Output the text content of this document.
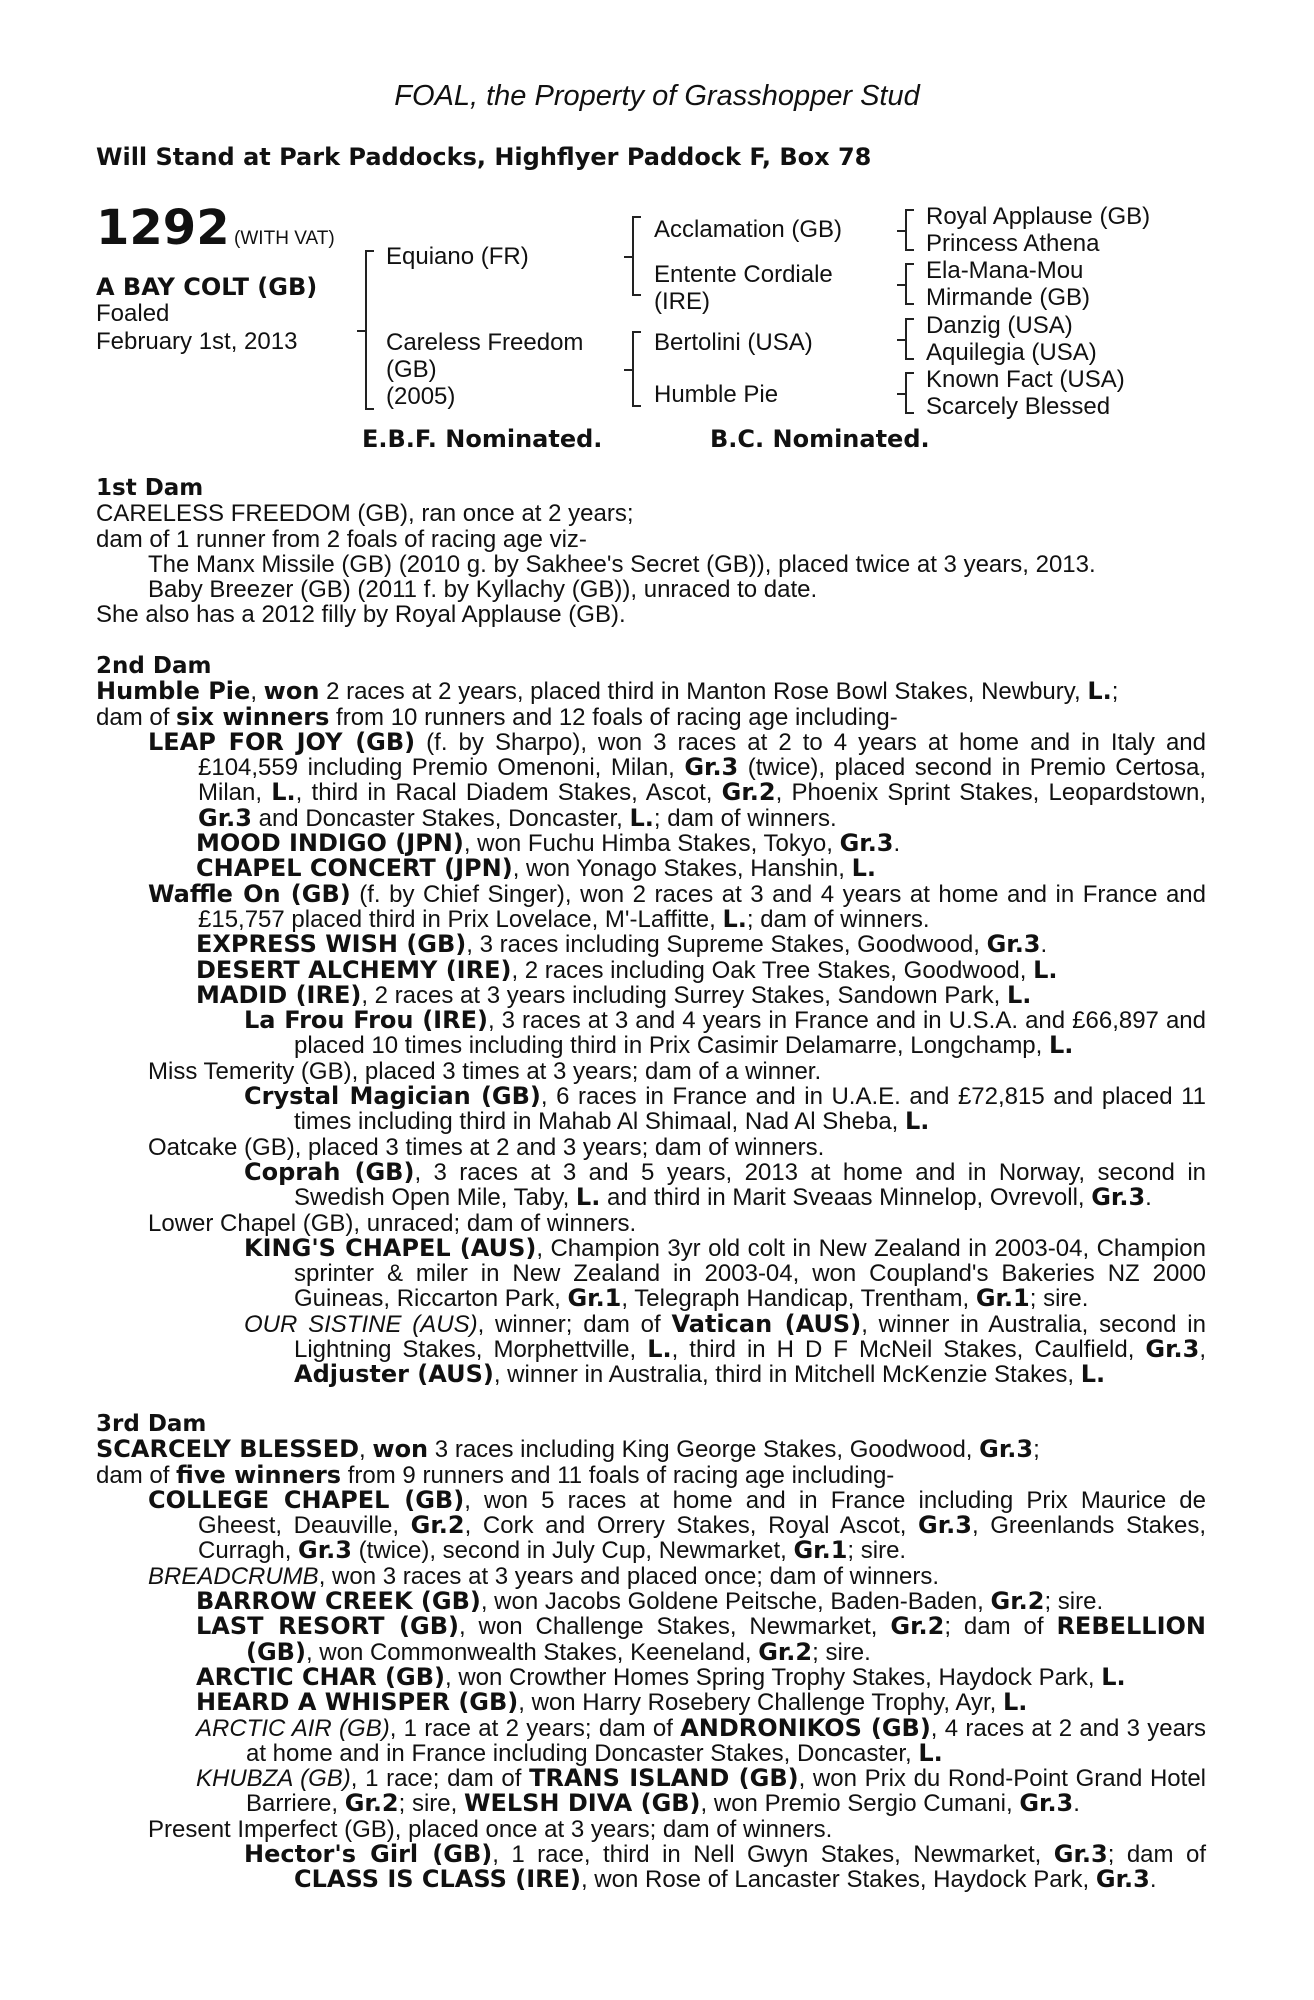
FOAL, the Property of Grasshopper Stud
Will Stand at Park Paddocks, Highflyer Paddock F, Box 78
1292 (WITH VAT)
A BAY COLT (GB)
Foaled
February 1st, 2013
Equiano (FR)
Careless Freedom
(GB)
(2005)
Acclamation (GB)
Entente Cordiale
(IRE)
Bertolini (USA)
Humble Pie
Royal Applause (GB)
Princess Athena
Ela-Mana-Mou
Mirmande (GB)
Danzig (USA)
Aquilegia (USA)
Known Fact (USA)
Scarcely Blessed
E.B.F. Nominated.	B.C. Nominated.

1st Dam

CARELESS FREEDOM (GB), ran once at 2 years;

dam of 1 runner from 2 foals of racing age viz-

The Manx Missile (GB) (2010 g. by Sakhee's Secret (GB)), placed twice at 3 years, 2013.

Baby Breezer (GB) (2011 f. by Kyllachy (GB)), unraced to date.

She also has a 2012 filly by Royal Applause (GB).

2nd Dam

Humble Pie, won 2 races at 2 years, placed third in Manton Rose Bowl Stakes, Newbury, L.;

dam of six winners from 10 runners and 12 foals of racing age including-

LEAP FOR JOY (GB) (f. by Sharpo), won 3 races at 2 to 4 years at home and in Italy and £104,559 including Premio Omenoni, Milan, Gr.3 (twice), placed second in Premio Certosa, Milan, L., third in Racal Diadem Stakes, Ascot, Gr.2, Phoenix Sprint Stakes, Leopardstown, Gr.3 and Doncaster Stakes, Doncaster, L.; dam of winners.

MOOD INDIGO (JPN), won Fuchu Himba Stakes, Tokyo, Gr.3.

CHAPEL CONCERT (JPN), won Yonago Stakes, Hanshin, L.

Waffle On (GB) (f. by Chief Singer), won 2 races at 3 and 4 years at home and in France and £15,757 placed third in Prix Lovelace, M'-Laffitte, L.; dam of winners.

EXPRESS WISH (GB), 3 races including Supreme Stakes, Goodwood, Gr.3.

DESERT ALCHEMY (IRE), 2 races including Oak Tree Stakes, Goodwood, L.

MADID (IRE), 2 races at 3 years including Surrey Stakes, Sandown Park, L.

La Frou Frou (IRE), 3 races at 3 and 4 years in France and in U.S.A. and £66,897 and placed 10 times including third in Prix Casimir Delamarre, Longchamp, L.

Miss Temerity (GB), placed 3 times at 3 years; dam of a winner.

Crystal Magician (GB), 6 races in France and in U.A.E. and £72,815 and placed 11 times including third in Mahab Al Shimaal, Nad Al Sheba, L.

Oatcake (GB), placed 3 times at 2 and 3 years; dam of winners.

Coprah (GB), 3 races at 3 and 5 years, 2013 at home and in Norway, second in Swedish Open Mile, Taby, L. and third in Marit Sveaas Minnelop, Ovrevoll, Gr.3.

Lower Chapel (GB), unraced; dam of winners.

KING'S CHAPEL (AUS), Champion 3yr old colt in New Zealand in 2003-04, Champion sprinter & miler in New Zealand in 2003-04, won Coupland's Bakeries NZ 2000 Guineas, Riccarton Park, Gr.1, Telegraph Handicap, Trentham, Gr.1; sire.

OUR SISTINE (AUS), winner; dam of Vatican (AUS), winner in Australia, second in Lightning Stakes, Morphettville, L., third in H D F McNeil Stakes, Caulfield, Gr.3, Adjuster (AUS), winner in Australia, third in Mitchell McKenzie Stakes, L.

3rd Dam

SCARCELY BLESSED, won 3 races including King George Stakes, Goodwood, Gr.3;

dam of five winners from 9 runners and 11 foals of racing age including-

COLLEGE CHAPEL (GB), won 5 races at home and in France including Prix Maurice de Gheest, Deauville, Gr.2, Cork and Orrery Stakes, Royal Ascot, Gr.3, Greenlands Stakes, Curragh, Gr.3 (twice), second in July Cup, Newmarket, Gr.1; sire.

BREADCRUMB, won 3 races at 3 years and placed once; dam of winners.

BARROW CREEK (GB), won Jacobs Goldene Peitsche, Baden-Baden, Gr.2; sire.

LAST RESORT (GB), won Challenge Stakes, Newmarket, Gr.2; dam of REBELLION (GB), won Commonwealth Stakes, Keeneland, Gr.2; sire.

ARCTIC CHAR (GB), won Crowther Homes Spring Trophy Stakes, Haydock Park, L.

HEARD A WHISPER (GB), won Harry Rosebery Challenge Trophy, Ayr, L.

ARCTIC AIR (GB), 1 race at 2 years; dam of ANDRONIKOS (GB), 4 races at 2 and 3 years at home and in France including Doncaster Stakes, Doncaster, L.

KHUBZA (GB), 1 race; dam of TRANS ISLAND (GB), won Prix du Rond-Point Grand Hotel Barriere, Gr.2; sire, WELSH DIVA (GB), won Premio Sergio Cumani, Gr.3.

Present Imperfect (GB), placed once at 3 years; dam of winners.

Hector's Girl (GB), 1 race, third in Nell Gwyn Stakes, Newmarket, Gr.3; dam of CLASS IS CLASS (IRE), won Rose of Lancaster Stakes, Haydock Park, Gr.3.
